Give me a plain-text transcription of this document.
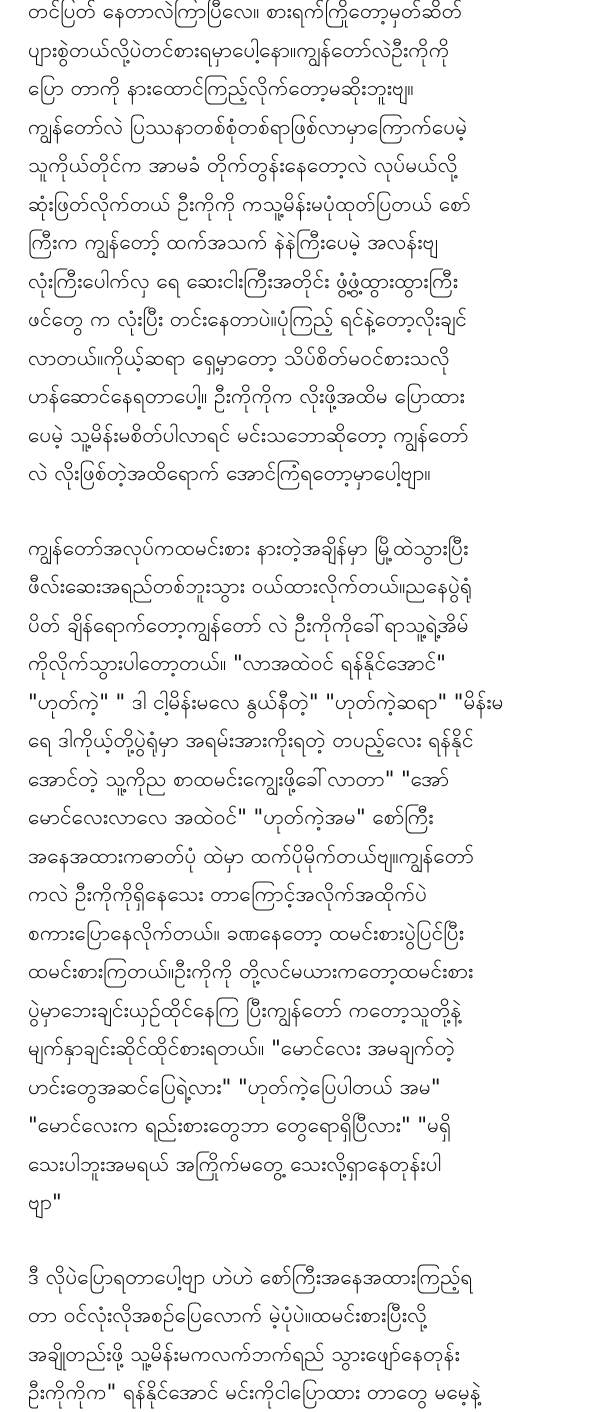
တင်ပြတ် နေတာလဲကြာပြီလေ။ စားရက်ကြိုတော့မှတ်ဆိတ်
ပျားစွဲတယ်လို့ပဲတင်စားရမှာပေါ့နော။ကျွန်တော်လဲဦးကိုကို
ပြော တာကို နားထောင်ကြည့်လိုက်တော့မဆိုးဘူးဗျ။
ကျွန်တော်လဲ ပြဿနာတစ်စုံတစ်ရာဖြစ်လာမှာကြောက်ပေမဲ့
သူကိုယ်တိုင်က အာမခံ တိုက်တွန်းနေတော့လဲ လုပ်မယ်လို့
ဆုံးဖြတ်လိုက်တယ် ဦးကိုကို ကသူ့မိန်းမပုံထုတ်ပြတယ် စော်
ကြီးက ကျွန်တော့် ထက်အသက် နဲနဲကြီးပေမဲ့ အလန်းဗျ
လုံးကြီးပေါက်လှ ရေ ဆေးငါးကြီးအတိုင်း ဖွံ့ဖွံ့ထွားထွားကြီး
ဖင်တွေ က လုံးပြီး တင်းနေတာပဲ။ပုံကြည့် ရင်နဲ့တော့လိုးချင်
လာတယ်။ကိုယ့်ဆရာ ရှေ့မှာတော့ သိပ်စိတ်မဝင်စားသလို
ဟန်ဆောင်နေရတာပေါ့။ ဦးကိုကိုက လိုးဖို့အထိမ ပြောထား
ပေမဲ့ သူ့မိန်းမစိတ်ပါလာရင် မင်းသဘောဆိုတော့ ကျွန်တော်
လဲ လိုးဖြစ်တဲ့အထိရောက် အောင်ကြံရတော့မှာပေါ့ဗျာ။
ကျွန်တော်အလုပ်ကထမင်းစား နားတဲ့အချိန်မှာ မြို့ထဲသွားပြီး
ဖီလ်းဆေးအရည်တစ်ဘူးသွား ဝယ်ထားလိုက်တယ်။ညနေပွဲရုံ
ပိတ် ချိန်ရောက်တော့ကျွန်တော် လဲ ဦးကိုကိုခေါ်ရာသူ့ရဲ့အိမ်
ကိုလိုက်သွားပါတော့တယ်။ "လာအထဲဝင် ရန်နိုင်အောင်"
"ဟုတ်ကဲ့" " ဒါ ငါ့မိန်းမလေ နွယ်နီတဲ့" "ဟုတ်ကဲ့ဆရာ" "မိန်းမ
ရေ ဒါကိုယ့်တို့ပွဲရုံမှာ အရမ်းအားကိုးရတဲ့ တပည့်လေး ရန်နိုင်
အောင်တဲ့ သူ့ကိုည စာထမင်းကျွေးဖို့ခေါ်လာတာ" "အော်
မောင်လေးလာလေ အထဲဝင်" "ဟုတ်ကဲ့အမ" စော်ကြီး
အနေအထားကဓာတ်ပုံ ထဲမှာ ထက်ပိုမိုက်တယ်ဗျ။ကျွန်တော်
ကလဲ ဦးကိုကိုရှိနေသေး တာကြောင့်အလိုက်အထိုက်ပဲ
စကားပြောနေလိုက်တယ်။ ခဏနေတော့ ထမင်းစားပွဲပြင်ပြီး
ထမင်းစားကြတယ်။ဦးကိုကို တို့လင်မယားကတော့ထမင်းစား
ပွဲမှာဘေးချင်းယှဉ်ထိုင်နေကြ ပြီးကျွန်တော် ကတော့သူတို့နဲ့
မျက်နှာချင်းဆိုင်ထိုင်စားရတယ်။ "မောင်လေး အမချက်တဲ့
ဟင်းတွေအဆင်ပြေရဲ့လား" "ဟုတ်ကဲ့ပြေပါတယ် အမ"
"မောင်လေးက ရည်းစားတွေဘာ တွေရောရှိပြီလား" "မရှိ
သေးပါဘူးအမရယ် အကြိုက်မတွေ့ သေးလို့ရှာနေတုန်းပါ
ဗျာ"
ဒီ လိုပဲပြောရတာပေါ့ဗျာ ဟဲဟဲ စော်ကြီးအနေအထားကြည့်ရ
တာ ဝင်လုံးလိုအစဉ်ပြေလောက် မဲ့ပုံပဲ။ထမင်းစားပြီးလို့
အချိုတည်းဖို့ သူ့မိန်းမကလက်ဘက်ရည် သွားဖျော်နေတုန်း
ဦးကိုကိုက" ရန်နိုင်အောင် မင်းကိုငါပြောထား တာတွေ မမေ့နဲ့
